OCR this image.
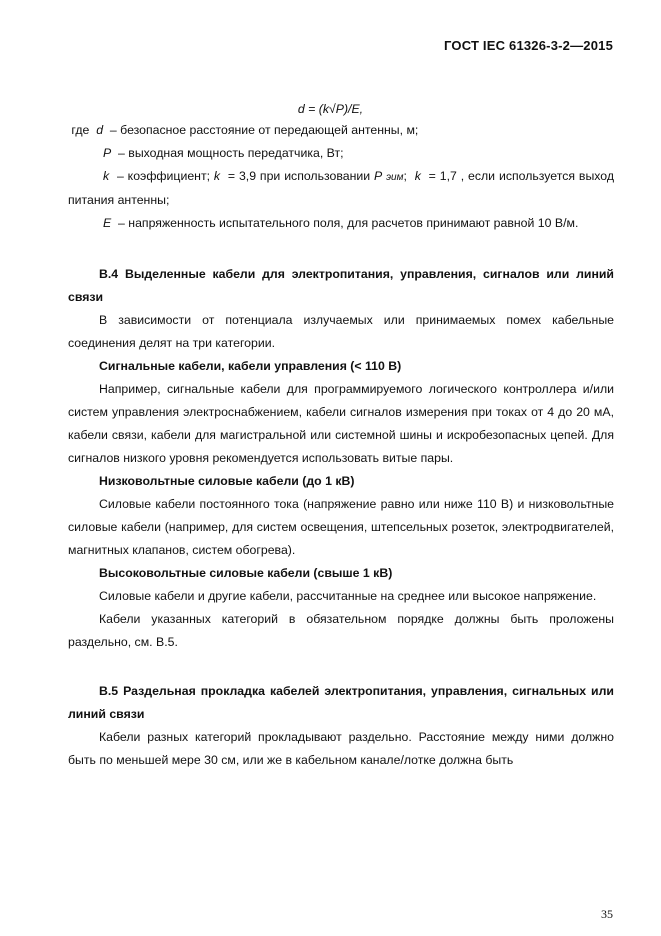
ГОСТ IEC 61326-3-2—2015
d = (k√P)/E,

где d – безопасное расстояние от передающей антенны, м;

P – выходная мощность передатчика, Вт;

k – коэффициент; k = 3,9 при использовании P эим; k = 1,7 , если используется выход питания антенны;

E – напряженность испытательного поля, для расчетов принимают равной 10 В/м.

В.4 Выделенные кабели для электропитания, управления, сигналов или линий связи

В зависимости от потенциала излучаемых или принимаемых помех кабельные соединения делят на три категории.

Сигнальные кабели, кабели управления (< 110 В)

Например, сигнальные кабели для программируемого логического контроллера и/или систем управления электроснабжением, кабели сигналов измерения при токах от 4 до 20 мА, кабели связи, кабели для магистральной или системной шины и искробезопасных цепей. Для сигналов низкого уровня рекомендуется использовать витые пары.

Низковольтные силовые кабели (до 1 кВ)

Силовые кабели постоянного тока (напряжение равно или ниже 110 В) и низковольтные силовые кабели (например, для систем освещения, штепсельных розеток, электродвигателей, магнитных клапанов, систем обогрева).

Высоковольтные силовые кабели (свыше 1 кВ)

Силовые кабели и другие кабели, рассчитанные на среднее или высокое напряжение.

Кабели указанных категорий в обязательном порядке должны быть проложены раздельно, см. В.5.

В.5 Раздельная прокладка кабелей электропитания, управления, сигнальных или линий связи

Кабели разных категорий прокладывают раздельно. Расстояние между ними должно быть по меньшей мере 30 см, или же в кабельном канале/лотке должна быть

35
